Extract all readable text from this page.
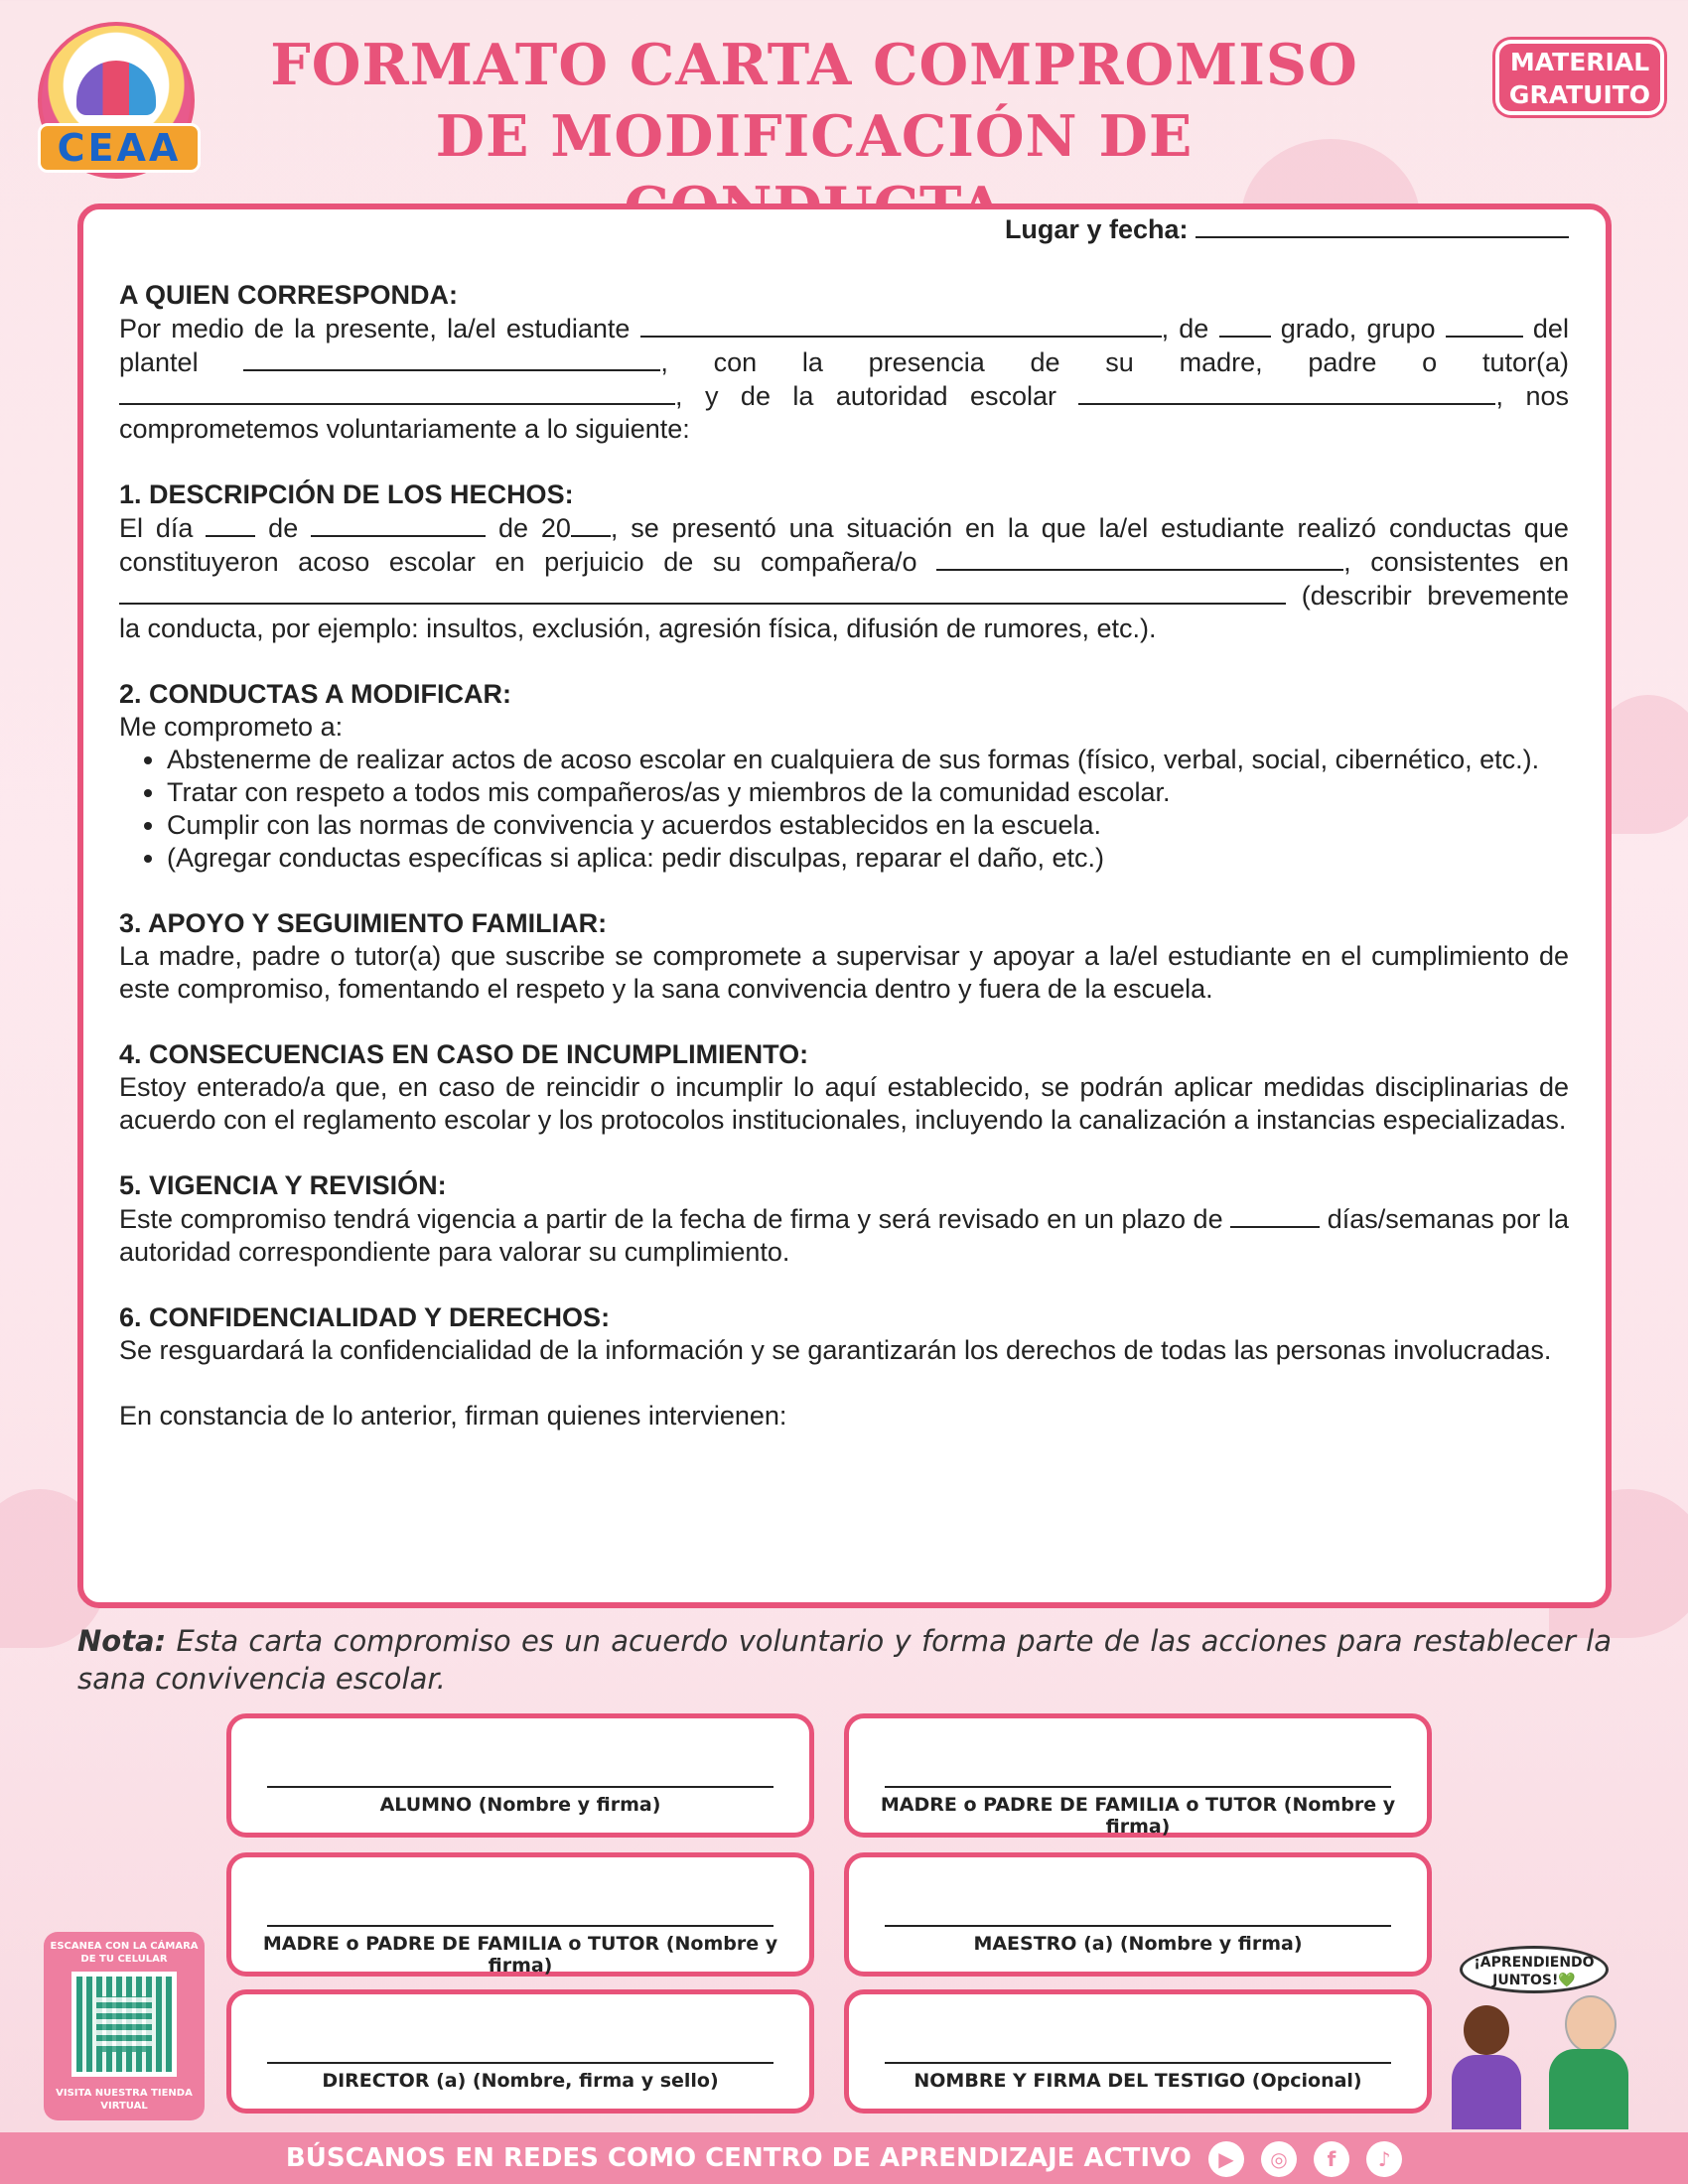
CEAA
FORMATO CARTA COMPROMISO
DE MODIFICACIÓN DE
MATERIAL
GRATUITO
Lugar y fecha:
A QUIEN CORRESPONDA:
Por medio de la presente, la/el estudiante	, de	grado, grupo	del plantel	, con la presencia de su madre, padre o tutor(a) , y de la autoridad escolar	, nos comprometemos voluntariamente a lo siguiente:
1. DESCRIPCIÓN DE LOS HECHOS:
El día	de	de 20 , se presentó una situación en la que la/el estudiante realizó conductas que constituyeron acoso escolar en perjuicio de su compañera/o	, consistentes en  (describir brevemente la conducta, por ejemplo: insultos, exclusión, agresión física, difusión de rumores, etc.).
2. CONDUCTAS A MODIFICAR:
Me comprometo a:
• Abstenerme de realizar actos de acoso escolar en cualquiera de sus formas (físico, verbal, social, cibernético, etc.).
• Tratar con respeto a todos mis compañeros/as y miembros de la comunidad escolar.
• Cumplir con las normas de convivencia y acuerdos establecidos en la escuela.
• (Agregar conductas específicas si aplica: pedir disculpas, reparar el daño, etc.)
3. APOYO Y SEGUIMIENTO FAMILIAR:
La madre, padre o tutor(a) que suscribe se compromete a supervisar y apoyar a la/el estudiante en el cumplimiento de este compromiso, fomentando el respeto y la sana convivencia dentro y fuera de la escuela.
4. CONSECUENCIAS EN CASO DE INCUMPLIMIENTO:
Estoy enterado/a que, en caso de reincidir o incumplir lo aquí establecido, se podrán aplicar medidas disciplinarias de acuerdo con el reglamento escolar y los protocolos institucionales, incluyendo la canalización a instancias especializadas.
5. VIGENCIA Y REVISIÓN:
Este compromiso tendrá vigencia a partir de la fecha de firma y será revisado en un plazo de	días/semanas por la autoridad correspondiente para valorar su cumplimiento.
6. CONFIDENCIALIDAD Y DERECHOS:
Se resguardará la confidencialidad de la información y se garantizarán los derechos de todas las personas involucradas.
En constancia de lo anterior, firman quienes intervienen:
Nota: Esta carta compromiso es un acuerdo voluntario y forma parte de las acciones para restablecer la sana convivencia escolar.
ALUMNO (Nombre y firma)	MADRE o PADRE DE FAMILIA o TUTOR (Nombre y firma)
MADRE o PADRE DE FAMILIA o TUTOR (Nombre y firma)
MAESTRO (a) (Nombre y firma)
DIRECTOR (a) (Nombre, firma y sello)	NOMBRE Y FIRMA DEL TESTIGO (Opcional)
ESCANEA CON LA CÁMARA DE TU CELULAR
VISITA NUESTRA TIENDA VIRTUAL
¡APRENDIENDO JUNTOS!💚
BÚSCANOS EN REDES COMO CENTRO DE APRENDIZAJE ACTIVO ▶ ◎ f ♪
